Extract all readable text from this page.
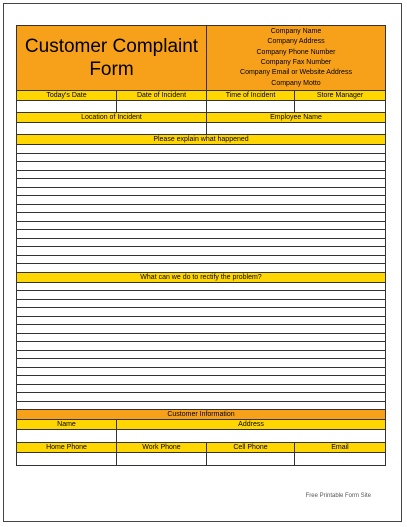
Customer Complaint
Form
Company Name
Company Address
Company Phone Number
Company Fax Number
Company Email or Website Address
Company Motto
Today's Date	Date of Incident	Time of Incident	Store Manager
Location of Incident	Employee Name
Please explain what happened
What can we do to rectify the problem?
Customer Information
Name	Address
Home Phone	Work Phone	Cell Phone	Email
Free Printable Form Site
